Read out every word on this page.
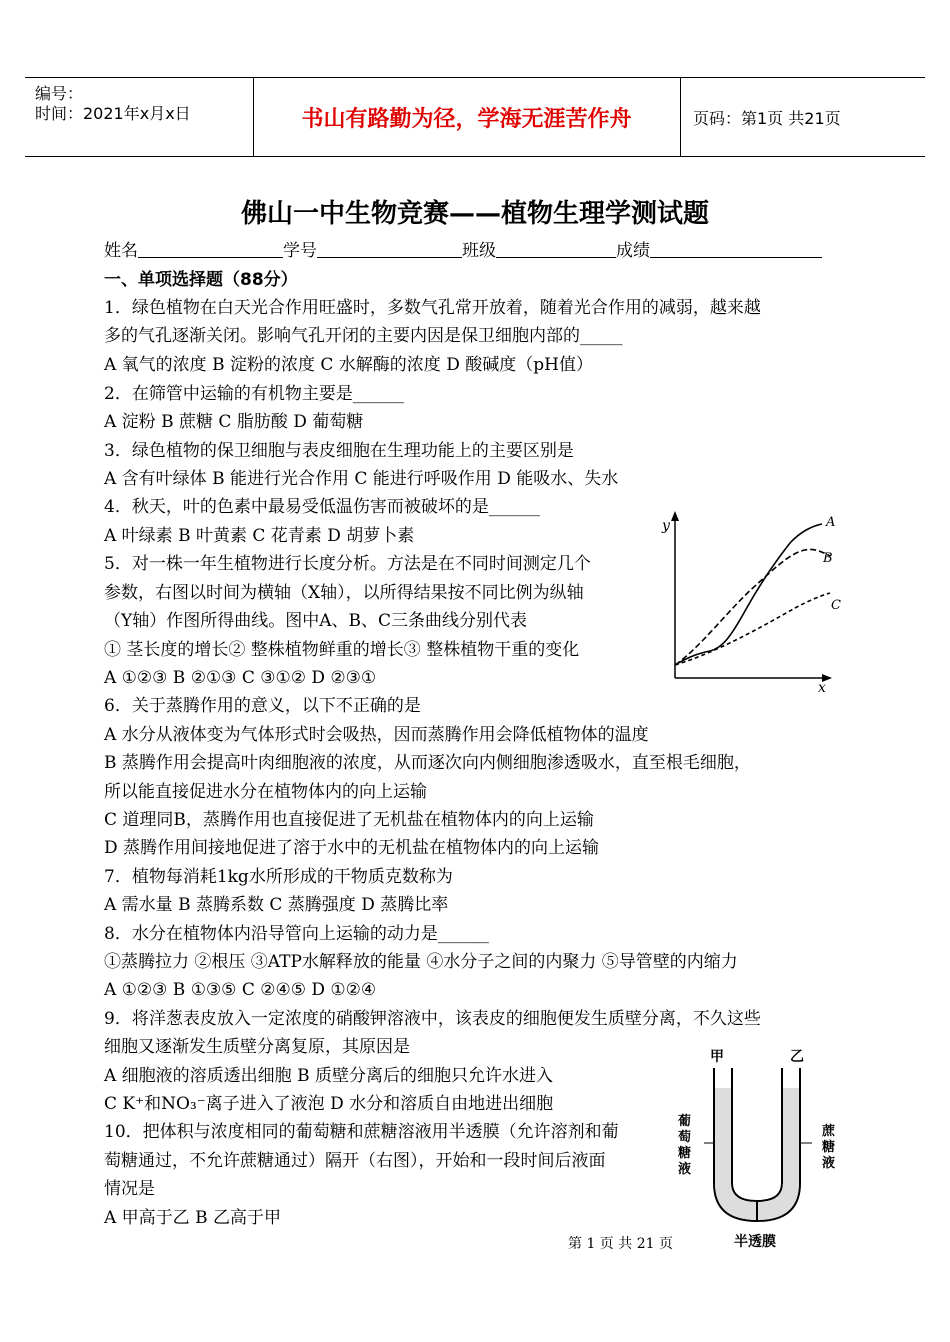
编号：
时间：2021年x月x日	书山有路勤为径，学海无涯苦作舟	页码：第1页 共21页
佛山一中生物竞赛——植物生理学测试题
姓名	学号	班级	成绩
一、单项选择题（88分）
1．绿色植物在白天光合作用旺盛时，多数气孔常开放着，随着光合作用的减弱，越来越
多的气孔逐渐关闭。影响气孔开闭的主要内因是保卫细胞内部的_____
A 氧气的浓度 B 淀粉的浓度 C 水解酶的浓度 D 酸碱度（pH值）
2．在筛管中运输的有机物主要是______
A 淀粉 B 蔗糖 C 脂肪酸 D 葡萄糖
3．绿色植物的保卫细胞与表皮细胞在生理功能上的主要区别是
A 含有叶绿体 B 能进行光合作用 C 能进行呼吸作用 D 能吸水、失水
4．秋天，叶的色素中最易受低温伤害而被破坏的是______
A 叶绿素 B 叶黄素 C 花青素 D 胡萝卜素
5．对一株一年生植物进行长度分析。方法是在不同时间测定几个
参数，右图以时间为横轴（X轴），以所得结果按不同比例为纵轴
（Y轴）作图所得曲线。图中A、B、C三条曲线分别代表
① 茎长度的增长② 整株植物鲜重的增长③ 整株植物干重的变化
A ①②③ B ②①③ C ③①② D ②③①
6．关于蒸腾作用的意义，以下不正确的是
A 水分从液体变为气体形式时会吸热，因而蒸腾作用会降低植物体的温度
B 蒸腾作用会提高叶肉细胞液的浓度，从而逐次向内侧细胞渗透吸水，直至根毛细胞，
所以能直接促进水分在植物体内的向上运输
C 道理同B，蒸腾作用也直接促进了无机盐在植物体内的向上运输
D 蒸腾作用间接地促进了溶于水中的无机盐在植物体内的向上运输
7．植物每消耗1kg水所形成的干物质克数称为
A 需水量 B 蒸腾系数 C 蒸腾强度 D 蒸腾比率
8．水分在植物体内沿导管向上运输的动力是______
①蒸腾拉力 ②根压 ③ATP水解释放的能量 ④水分子之间的内聚力 ⑤导管壁的内缩力
A ①②③ B ①③⑤ C ②④⑤ D ①②④
9．将洋葱表皮放入一定浓度的硝酸钾溶液中，该表皮的细胞便发生质壁分离，不久这些
细胞又逐渐发生质壁分离复原，其原因是
A 细胞液的溶质透出细胞 B 质壁分离后的细胞只允许水进入
C K⁺和NO₃⁻离子进入了液泡 D 水分和溶质自由地进出细胞
10．把体积与浓度相同的葡萄糖和蔗糖溶液用半透膜（允许溶剂和葡
萄糖通过，不允许蔗糖通过）隔开（右图），开始和一段时间后液面
情况是
A 甲高于乙 B 乙高于甲
y
x
A
B
C
甲	乙
葡萄糖液
蔗糖液
半透膜
第 1 页 共 21 页
